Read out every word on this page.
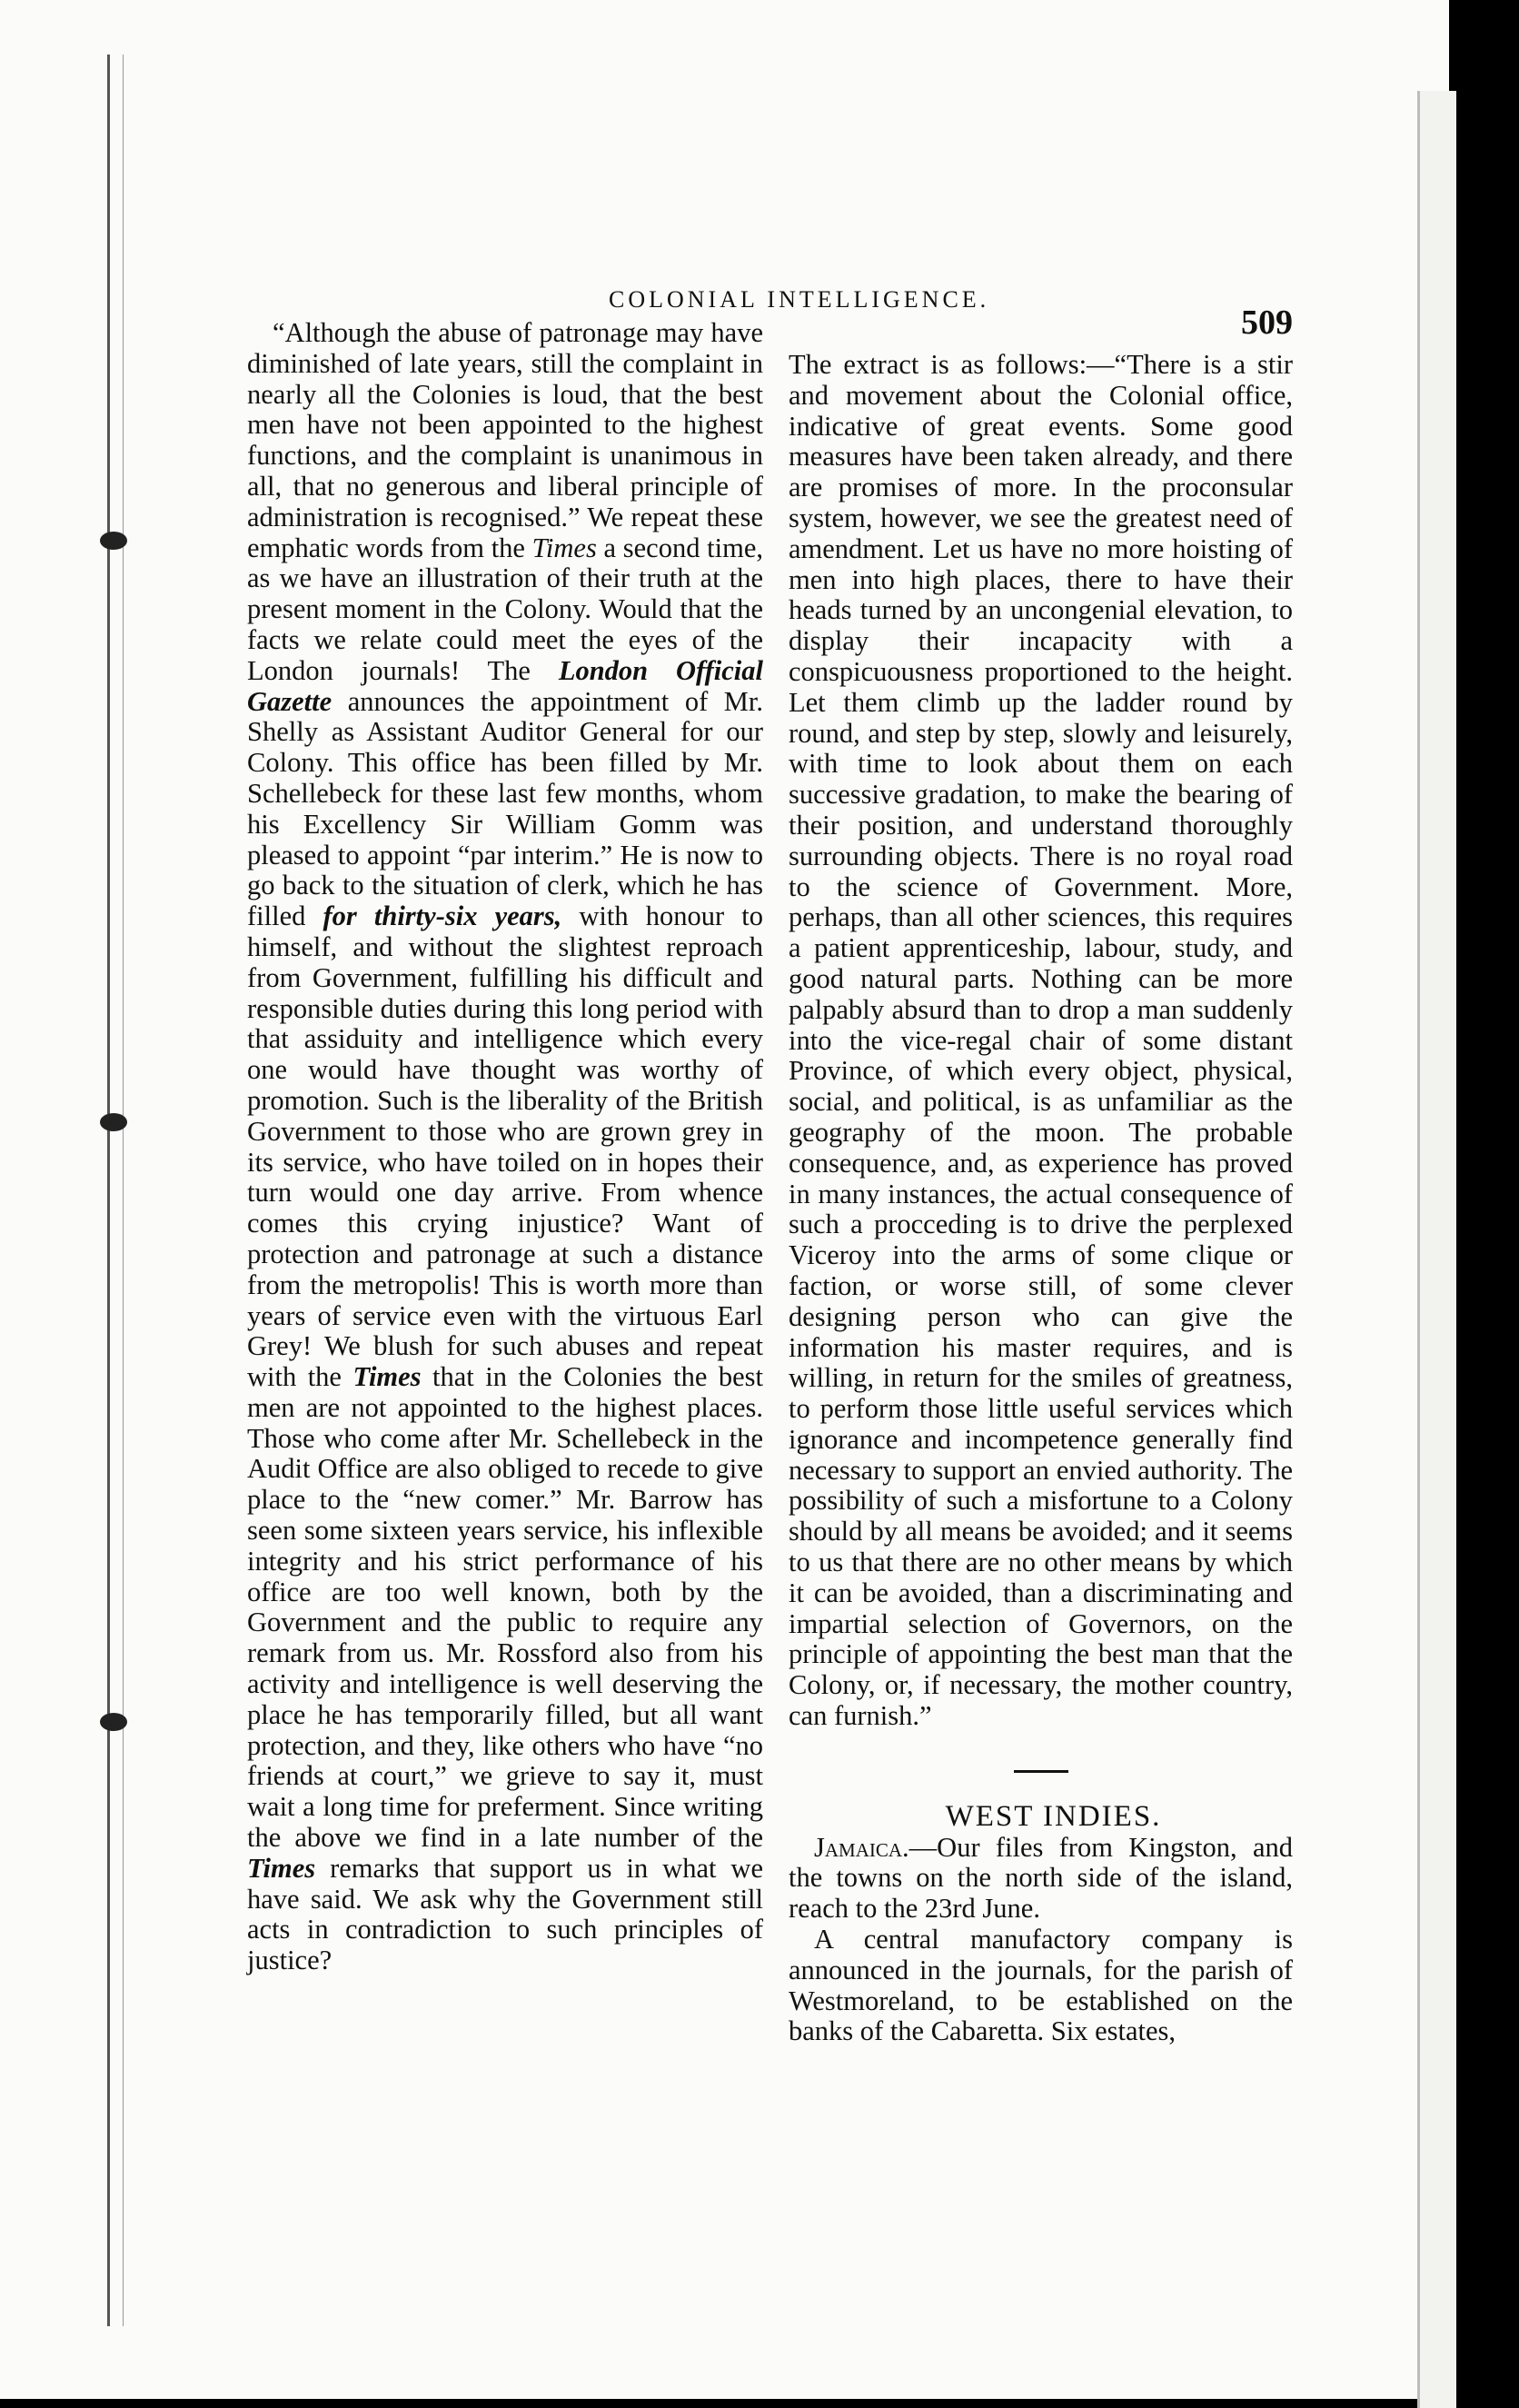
COLONIAL INTELLIGENCE.
509

“Although the abuse of patronage may have diminished of late years, still the complaint in nearly all the Colonies is loud, that the best men have not been appointed to the highest functions, and the complaint is unanimous in all, that no generous and liberal principle of administration is recognised.” We repeat these emphatic words from the Times a second time, as we have an illustration of their truth at the present moment in the Colony. Would that the facts we relate could meet the eyes of the London journals! The London Official Gazette announces the appointment of Mr. Shelly as Assistant Auditor General for our Colony. This office has been filled by Mr. Schellebeck for these last few months, whom his Excellency Sir William Gomm was pleased to appoint “par interim.” He is now to go back to the situation of clerk, which he has filled for thirty-six years, with honour to himself, and without the slightest reproach from Government, fulfilling his difficult and responsible duties during this long period with that assiduity and intelligence which every one would have thought was worthy of promotion. Such is the liberality of the British Government to those who are grown grey in its service, who have toiled on in hopes their turn would one day arrive. From whence comes this crying injustice? Want of protection and patronage at such a distance from the metropolis! This is worth more than years of service even with the virtuous Earl Grey! We blush for such abuses and repeat with the Times that in the Colonies the best men are not appointed to the highest places. Those who come after Mr. Schellebeck in the Audit Office are also obliged to recede to give place to the “new comer.” Mr. Barrow has seen some sixteen years service, his inflexible integrity and his strict performance of his office are too well known, both by the Government and the public to require any remark from us. Mr. Rossford also from his activity and intelligence is well deserving the place he has temporarily filled, but all want protection, and they, like others who have “no friends at court,” we grieve to say it, must wait a long time for preferment. Since writing the above we find in a late number of the Times remarks that support us in what we have said. We ask why the Government still acts in contradiction to such principles of justice?

The extract is as follows:—“There is a stir and movement about the Colonial office, indicative of great events. Some good measures have been taken already, and there are promises of more. In the proconsular system, however, we see the greatest need of amendment. Let us have no more hoisting of men into high places, there to have their heads turned by an uncongenial elevation, to display their incapacity with a conspicuousness proportioned to the height. Let them climb up the ladder round by round, and step by step, slowly and leisurely, with time to look about them on each successive gradation, to make the bearing of their position, and understand thoroughly surrounding objects. There is no royal road to the science of Government. More, perhaps, than all other sciences, this requires a patient apprenticeship, labour, study, and good natural parts. Nothing can be more palpably absurd than to drop a man suddenly into the vice-regal chair of some distant Province, of which every object, physical, social, and political, is as unfamiliar as the geography of the moon. The probable consequence, and, as experience has proved in many instances, the actual consequence of such a procceding is to drive the perplexed Viceroy into the arms of some clique or faction, or worse still, of some clever designing person who can give the information his master requires, and is willing, in return for the smiles of greatness, to perform those little useful services which ignorance and incompetence generally find necessary to support an envied authority. The possibility of such a misfortune to a Colony should by all means be avoided; and it seems to us that there are no other means by which it can be avoided, than a discriminating and impartial selection of Governors, on the principle of appointing the best man that the Colony, or, if necessary, the mother country, can furnish.”

WEST INDIES.

Jamaica.—Our files from Kingston, and the towns on the north side of the island, reach to the 23rd June.

A central manufactory company is announced in the journals, for the parish of Westmoreland, to be established on the banks of the Cabaretta. Six estates,
